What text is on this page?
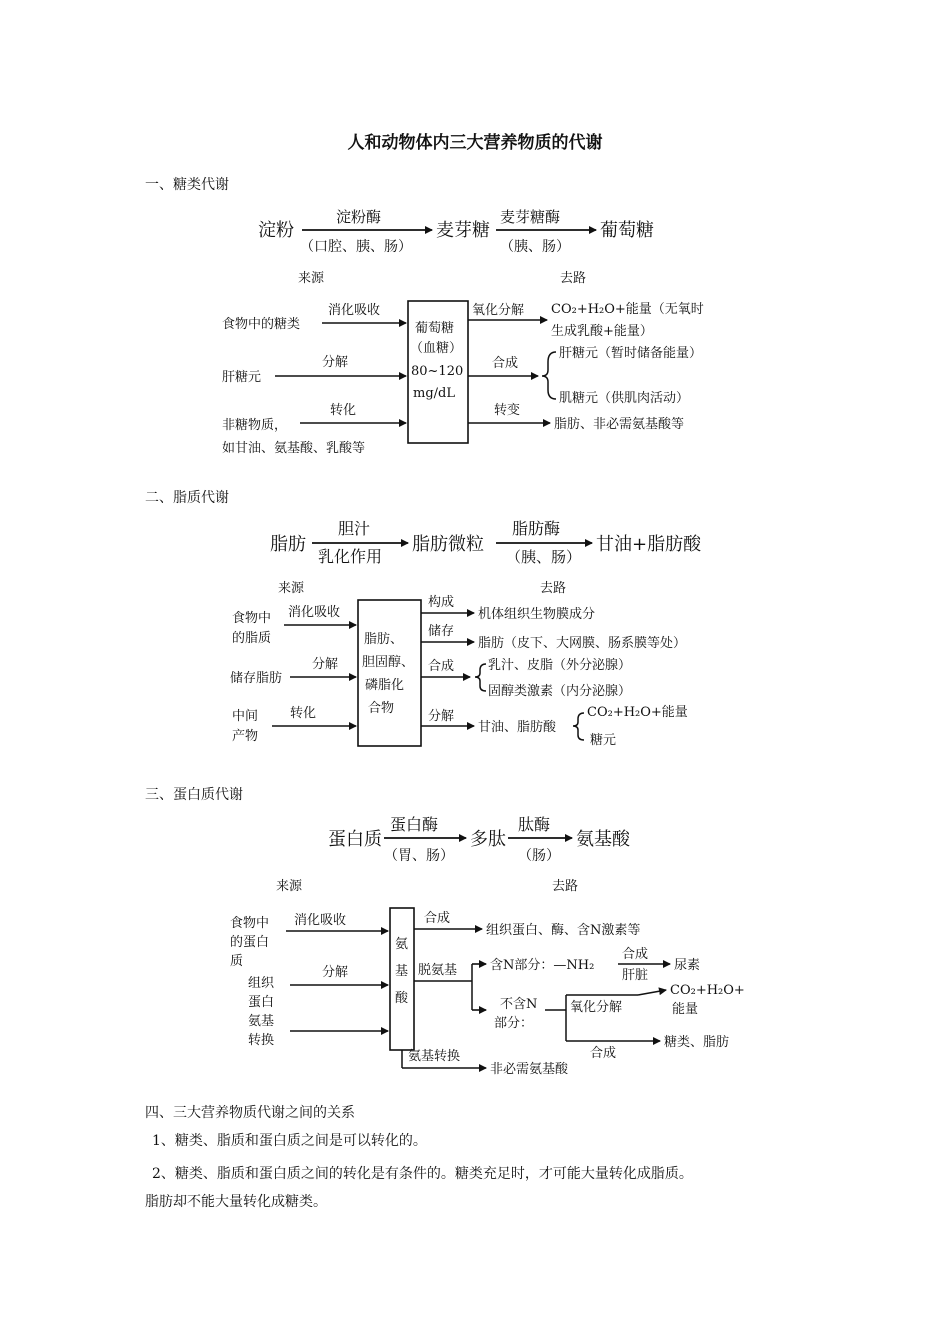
人和动物体内三大营养物质的代谢
一、糖类代谢
二、脂质代谢
三、蛋白质代谢
四、三大营养物质代谢之间的关系
1、糖类、脂质和蛋白质之间是可以转化的。
2、糖类、脂质和蛋白质之间的转化是有条件的。糖类充足时，才可能大量转化成脂质。
脂肪却不能大量转化成糖类。
淀粉
淀粉酶
（口腔、胰、肠）
麦芽糖
麦芽糖酶
（胰、肠）
葡萄糖
来源	去路
葡萄糖
（血糖）
80~120
mg/dL
食物中的糖类
消化吸收
肝糖元
分解
非糖物质，
如甘油、氨基酸、乳酸等
转化
氧化分解 CO₂+H₂O+能量（无氧时
生成乳酸+能量）
合成
肝糖元（暂时储备能量）
肌糖元（供肌肉活动）
转变
脂肪、非必需氨基酸等
脂肪
胆汁
乳化作用
脂肪微粒
脂肪酶
（胰、肠）
甘油+脂肪酸
来源	去路
脂肪、
胆固醇、
磷脂化
合物
食物中
的脂质
消化吸收
储存脂肪
分解
中间
产物
转化
构成
机体组织生物膜成分
储存
脂肪（皮下、大网膜、肠系膜等处）
合成	乳汁、皮脂（外分泌腺）
固醇类激素（内分泌腺）
分解
甘油、脂肪酸
CO₂+H₂O+能量
糖元
蛋白质
蛋白酶
（胃、肠）
多肽
肽酶
（肠）
氨基酸
来源	去路
氨
基
酸
食物中
的蛋白
质
消化吸收
组织
蛋白
分解
氨基
转换
合成
组织蛋白、酶、含N激素等
脱氨基	含N部分：—NH₂
合成
肝脏
尿素
不含N
部分：
氧化分解
CO₂+H₂O+
能量
合成
糖类、脂肪
氨基转换
非必需氨基酸
